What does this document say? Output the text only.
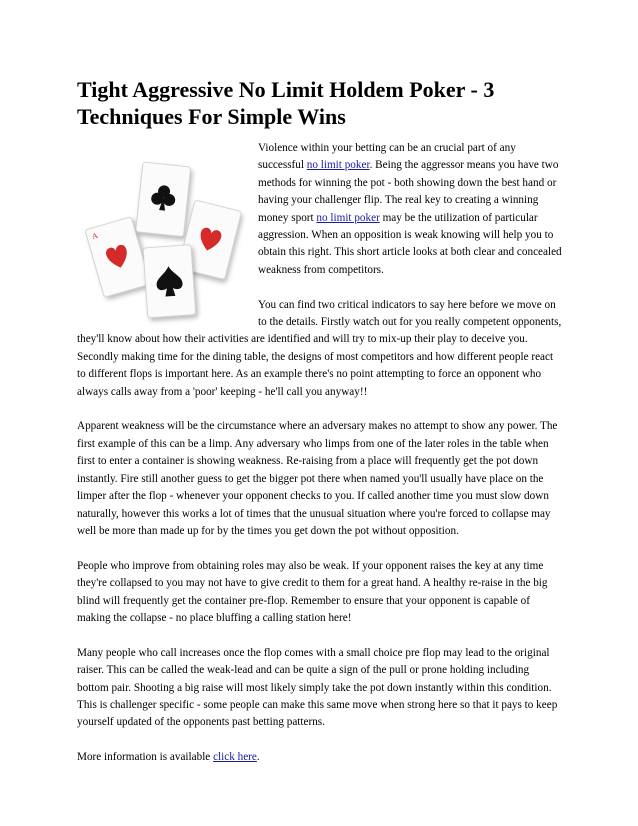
Tight Aggressive No Limit Holdem Poker - 3 Techniques For Simple Wins
A

Violence within your betting can be an crucial part of any successful no limit poker. Being the aggressor means you have two methods for winning the pot - both showing down the best hand or having your challenger flip. The real key to creating a winning money sport no limit poker may be the utilization of particular aggression. When an opposition is weak knowing will help you to obtain this right. This short article looks at both clear and concealed weakness from competitors.

You can find two critical indicators to say here before we move on to the details. Firstly watch out for you really competent opponents, they'll know about how their activities are identified and will try to mix-up their play to deceive you. Secondly making time for the dining table, the designs of most competitors and how different people react to different flops is important here. As an example there's no point attempting to force an opponent who always calls away from a 'poor' keeping - he'll call you anyway!!

Apparent weakness will be the circumstance where an adversary makes no attempt to show any power. The first example of this can be a limp. Any adversary who limps from one of the later roles in the table when first to enter a container is showing weakness. Re-raising from a place will frequently get the pot down instantly. Fire still another guess to get the bigger pot there when named you'll usually have place on the limper after the flop - whenever your opponent checks to you. If called another time you must slow down naturally, however this works a lot of times that the unusual situation where you're forced to collapse may well be more than made up for by the times you get down the pot without opposition.

People who improve from obtaining roles may also be weak. If your opponent raises the key at any time they're collapsed to you may not have to give credit to them for a great hand. A healthy re-raise in the big blind will frequently get the container pre-flop. Remember to ensure that your opponent is capable of making the collapse - no place bluffing a calling station here!

Many people who call increases once the flop comes with a small choice pre flop may lead to the original raiser. This can be called the weak-lead and can be quite a sign of the pull or prone holding including bottom pair. Shooting a big raise will most likely simply take the pot down instantly within this condition. This is challenger specific - some people can make this same move when strong here so that it pays to keep yourself updated of the opponents past betting patterns.

More information is available click here.
